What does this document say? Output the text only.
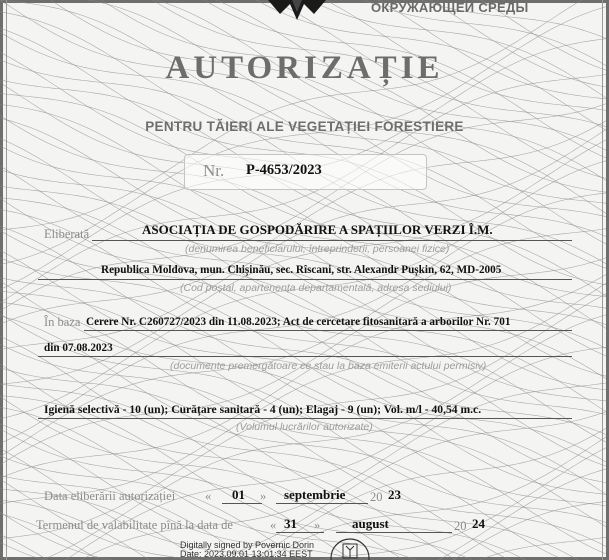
ОКРУЖАЮЩЕЙ СРЕДЫ
AUTORIZAȚIE
PENTRU TĂIERI ALE VEGETAȚIEI FORESTIERE
Nr. P-4653/2023
Eliberată	ASOCIAȚIA DE GOSPODĂRIRE A SPAȚIILOR VERZI Î.M.
(denumirea beneficiarului, întreprinderii, persoanei fizice)
Republica Moldova, mun. Chișinău, sec. Rîscani, str. Alexandr Pușkin, 62, MD-2005
(Cod poștal, apartenența departamentală, adresa sediului)
În baza Cerere Nr. C260727/2023 din 11.08.2023; Act de cercetare fitosanitară a arborilor Nr. 701
din 07.08.2023
(documente premergătoare ce stau la baza emiterii actului permisiv)
Igienă selectivă - 10 (un); Curățare sanitară - 4 (un); Elagaj - 9 (un); Vol. m/l - 40,54 m.c.
(Volumul lucrărilor autorizate)
Data eliberării autorizației « 01 » septembrie 20 23
Termenul de valabilitate pînă la data de	« 31 » august	20 24
Digitally signed by Povernic Dorin
Date: 2023.09.01 13:01:34 EEST
